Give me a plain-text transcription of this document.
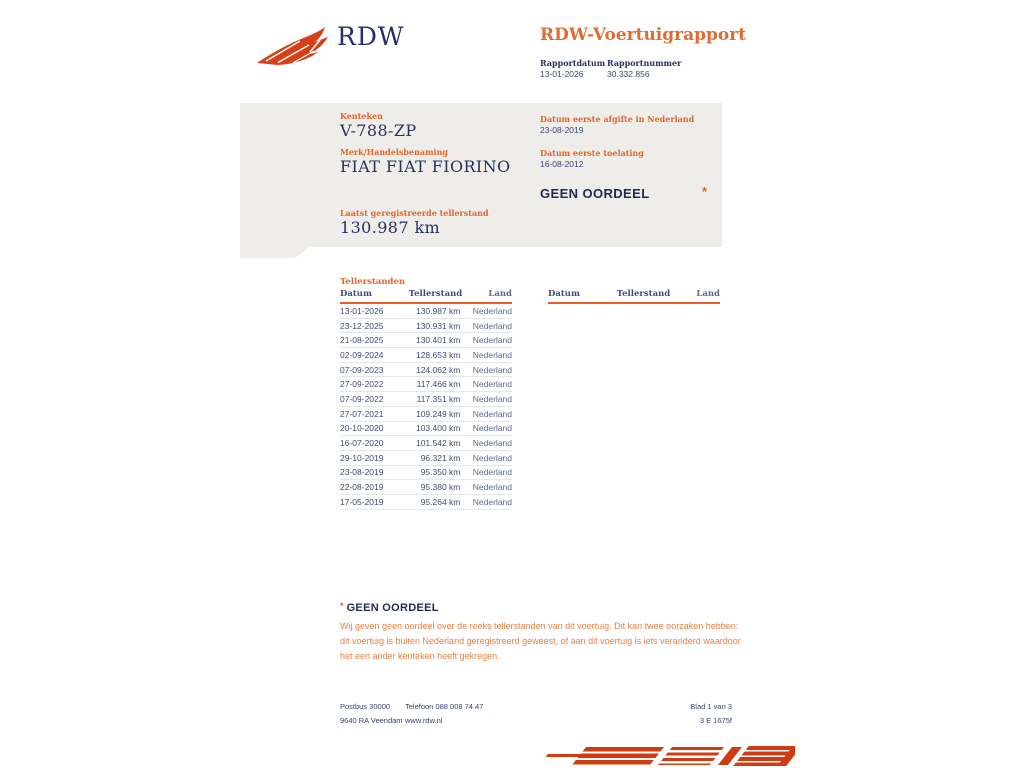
RDW	RDW-Voertuigrapport
Rapportdatum
13-01-2026
Rapportnummer
30.332.856
Kenteken
V-788-ZP
Merk/Handelsbenaming
FIAT FIAT FIORINO
Laatst geregistreerde tellerstand
130.987 km
Datum eerste afgifte in Nederland
23-08-2019
Datum eerste toelating
16-08-2012
GEEN OORDEEL	*
Tellerstanden
Datum	Tellerstand	Land
13-01-2026	130.987 km	Nederland
23-12-2025	130.931 km	Nederland
21-08-2025	130.401 km	Nederland
02-09-2024	128.653 km	Nederland
07-09-2023	124.062 km	Nederland
27-09-2022	117.466 km	Nederland
07-09-2022	117.351 km	Nederland
27-07-2021	109.249 km	Nederland
20-10-2020	103.400 km	Nederland
16-07-2020	101.542 km	Nederland
29-10-2019	96.321 km	Nederland
23-08-2019	95.350 km	Nederland
22-08-2019	95.380 km	Nederland
17-05-2019	95.264 km	Nederland
Datum	Tellerstand	Land
* GEEN OORDEEL
Wij geven geen oordeel over de reeks tellerstanden van dit voertuig. Dit kan twee oorzaken hebben: dit voertuig is buiten Nederland geregistreerd geweest, of aan dit voertuig is iets veranderd waardoor het een ander kenteken heeft gekregen.
Postbus 30000
9640 RA Veendam
Telefoon 088 008 74 47
www.rdw.nl
Blad 1 van 3
3 E 1675f
